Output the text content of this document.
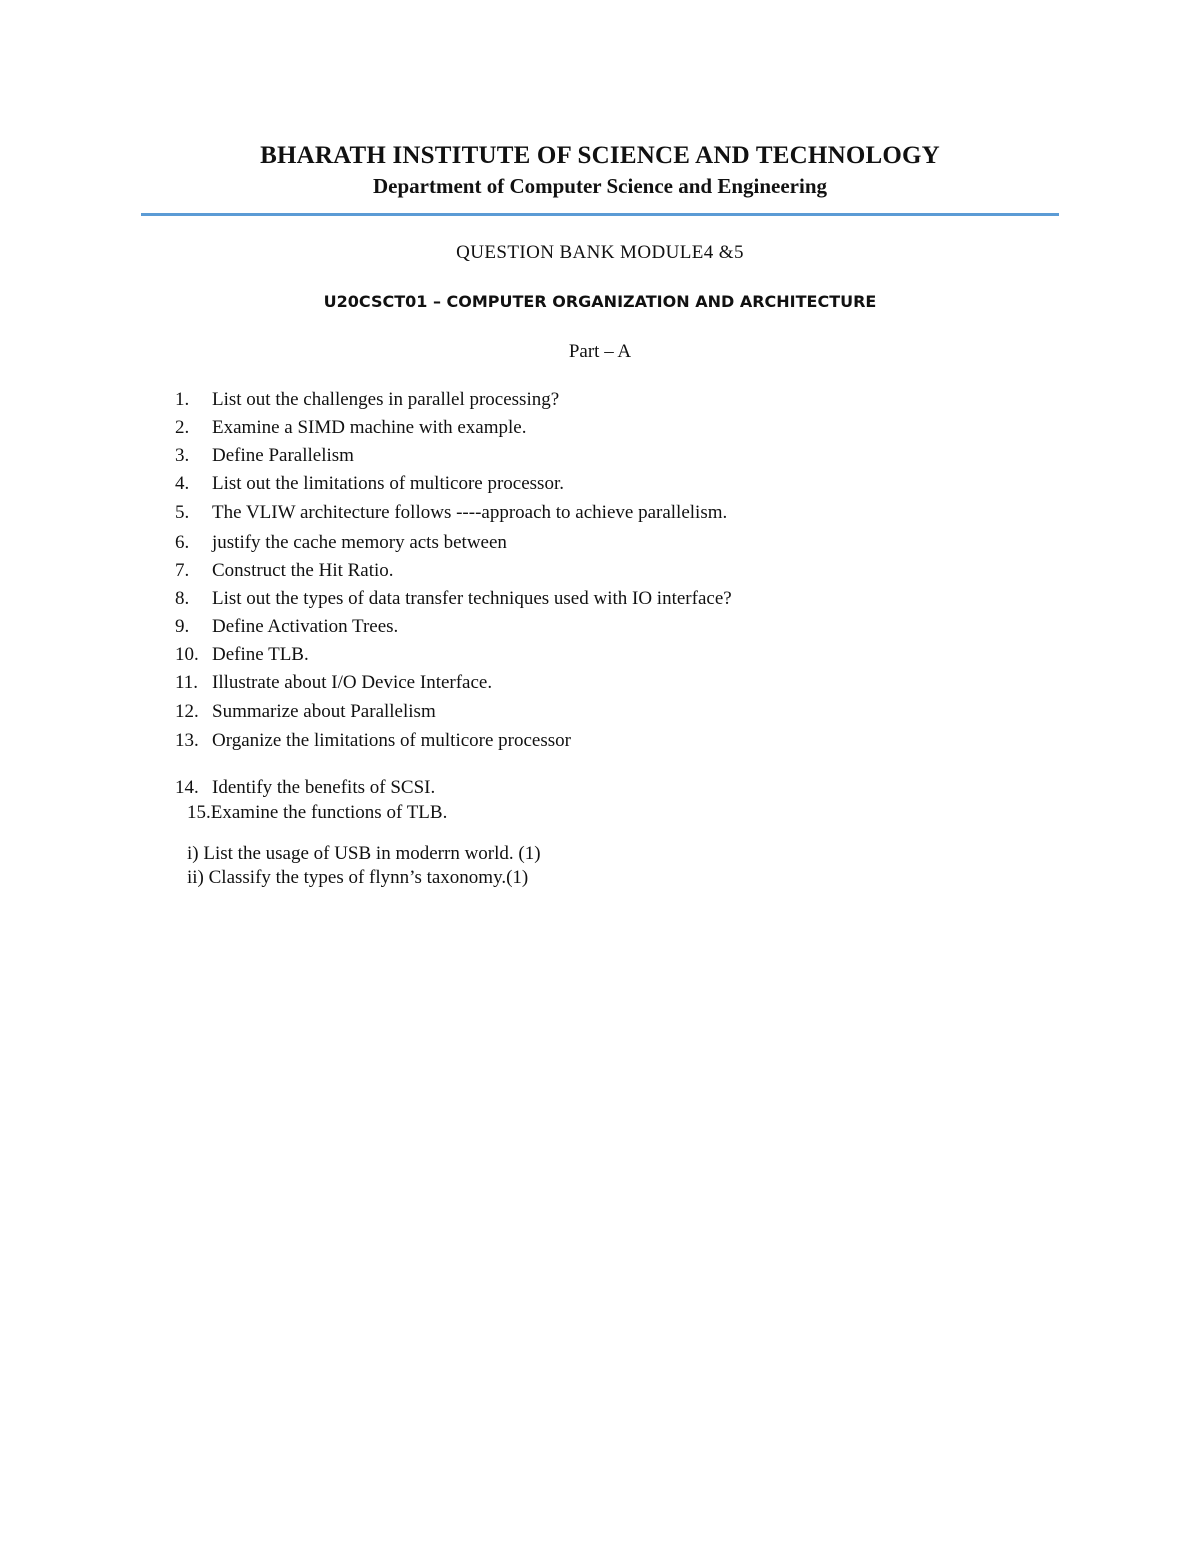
BHARATH INSTITUTE OF SCIENCE AND TECHNOLOGY
Department of Computer Science and Engineering
QUESTION BANK MODULE4 &5
U20CSCT01 – COMPUTER ORGANIZATION AND ARCHITECTURE
Part – A
1. List out the challenges in parallel processing?
2. Examine a SIMD machine with example.
3. Define Parallelism
4. List out the limitations of multicore processor.
5. The VLIW architecture follows ----approach to achieve parallelism.
6. justify the cache memory acts between
7. Construct the Hit Ratio.
8. List out the types of data transfer techniques used with IO interface?
9. Define Activation Trees.
10. Define TLB.
11. Illustrate about I/O Device Interface.
12. Summarize about Parallelism
13. Organize the limitations of multicore processor
14. Identify the benefits of SCSI.
15.Examine the functions of TLB.
i) List the usage of USB in moderrn world. (1)
ii) Classify the types of flynn’s taxonomy.(1)
